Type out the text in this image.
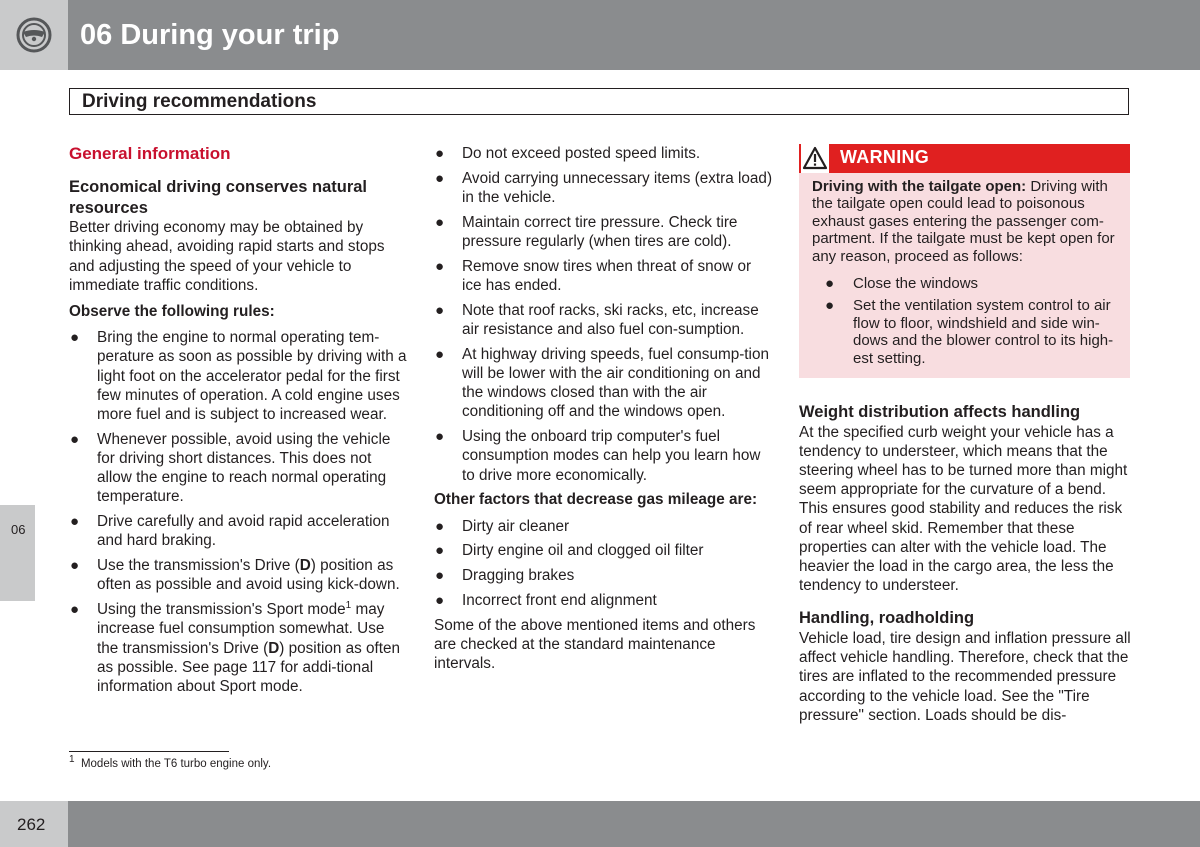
06 During your trip
Driving recommendations
06
General information
Economical driving conserves natural resources

Better driving economy may be obtained by thinking ahead, avoiding rapid starts and stops and adjusting the speed of your vehicle to immediate traffic conditions.

Observe the following rules:

● Bring the engine to normal operating tem-perature as soon as possible by driving with a light foot on the accelerator pedal for the first few minutes of operation. A cold engine uses more fuel and is subject to increased wear.
● Whenever possible, avoid using the vehicle for driving short distances. This does not allow the engine to reach normal operating temperature.
● Drive carefully and avoid rapid acceleration and hard braking.
● Use the transmission's Drive (D) position as often as possible and avoid using kick-down.
● Using the transmission's Sport mode$^1$ may increase fuel consumption somewhat. Use the transmission's Drive (D) position as often as possible. See page 117 for addi-tional information about Sport mode.
● Do not exceed posted speed limits.
● Avoid carrying unnecessary items (extra load) in the vehicle.
● Maintain correct tire pressure. Check tire pressure regularly (when tires are cold).
● Remove snow tires when threat of snow or ice has ended.
● Note that roof racks, ski racks, etc, increase air resistance and also fuel con-sumption.
● At highway driving speeds, fuel consump-tion will be lower with the air conditioning on and the windows closed than with the air conditioning off and the windows open.
● Using the onboard trip computer's fuel consumption modes can help you learn how to drive more economically.

Other factors that decrease gas mileage are:

● Dirty air cleaner
● Dirty engine oil and clogged oil filter
● Dragging brakes
● Incorrect front end alignment

Some of the above mentioned items and others are checked at the standard maintenance intervals.

WARNING

Driving with the tailgate open: Driving with the tailgate open could lead to poisonous exhaust gases entering the passenger com-partment. If the tailgate must be kept open for any reason, proceed as follows:

● Close the windows
● Set the ventilation system control to air flow to floor, windshield and side win-dows and the blower control to its high-est setting.
Weight distribution affects handling

At the specified curb weight your vehicle has a tendency to understeer, which means that the steering wheel has to be turned more than might seem appropriate for the curvature of a bend. This ensures good stability and reduces the risk of rear wheel skid. Remember that these properties can alter with the vehicle load. The heavier the load in the cargo area, the less the tendency to understeer.

Handling, roadholding

Vehicle load, tire design and inflation pressure all affect vehicle handling. Therefore, check that the tires are inflated to the recommended pressure according to the vehicle load. See the "Tire pressure" section. Loads should be dis-

$^1$ Models with the T6 turbo engine only.
262
